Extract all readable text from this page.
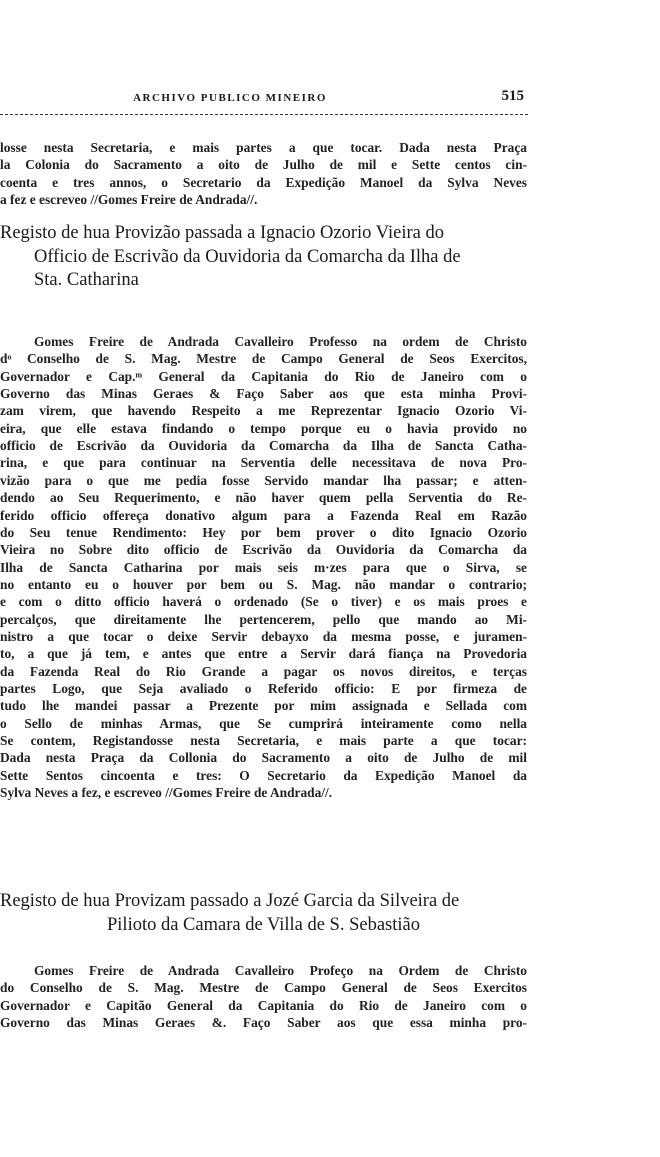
ARCHIVO PUBLICO MINEIRO	515
losse nesta Secretaria, e mais partes a que tocar. Dada nesta Praça
la Colonia do Sacramento a oito de Julho de mil e Sette centos cin-
coenta e tres annos, o Secretario da Expedição Manoel da Sylva Neves
a fez e escreveo //Gomes Freire de Andrada//.
Registo de hua Provizão passada a Ignacio Ozorio Vieira do
Officio de Escrivão da Ouvidoria da Comarcha da Ilha de
Sta. Catharina
Gomes Freire de Andrada Cavalleiro Professo na ordem de Christo
d⁠ᵒ Conselho de S. Mag. Mestre de Campo General de Seos Exercitos,
Governador e Cap.ᵐ General da Capitania do Rio de Janeiro com o
Governo das Minas Geraes & Faço Saber aos que esta minha Provi-
zam virem, que havendo Respeito a me Reprezentar Ignacio Ozorio Vi-
eira, que elle estava findando o tempo porque eu o havia provido no
officio de Escrivão da Ouvidoria da Comarcha da Ilha de Sancta Catha-
rina, e que para continuar na Serventia delle necessitava de nova Pro-
vizão para o que me pedia fosse Servido mandar lha passar; e atten-
dendo ao Seu Requerimento, e não haver quem pella Serventia do Re-
ferido officio offereça donativo algum para a Fazenda Real em Razão
do Seu tenue Rendimento: Hey por bem prover o dito Ignacio Ozorio
Vieira no Sobre dito officio de Escrivão da Ouvidoria da Comarcha da
Ilha de Sancta Catharina por mais seis m·zes para que o Sirva, se
no entanto eu o houver por bem ou S. Mag. não mandar o contrario;
e com o ditto officio haverá o ordenado (Se o tiver) e os mais proes e
percalços, que direitamente lhe pertencerem, pello que mando ao Mi-
nistro a que tocar o deixe Servir debayxo da mesma posse, e juramen-
to, a que já tem, e antes que entre a Servir dará fiança na Provedoria
da Fazenda Real do Rio Grande a pagar os novos direitos, e terças
partes Logo, que Seja avaliado o Referido officio: E por firmeza de
tudo lhe mandei passar a Prezente por mim assignada e Sellada com
o Sello de minhas Armas, que Se cumprirá inteiramente como nella
Se contem, Registandosse nesta Secretaria, e mais parte a que tocar:
Dada nesta Praça da Collonia do Sacramento a oito de Julho de mil
Sette Sentos cincoenta e tres: O Secretario da Expedição Manoel da
Sylva Neves a fez, e escreveo //Gomes Freire de Andrada//.
Registo de hua Provizam passado a Jozé Garcia da Silveira de
Pilioto da Camara de Villa de S. Sebastião
Gomes Freire de Andrada Cavalleiro Profeço na Ordem de Christo
do Conselho de S. Mag. Mestre de Campo General de Seos Exercitos
Governador e Capitão General da Capitania do Rio de Janeiro com o
Governo das Minas Geraes &. Faço Saber aos que essa minha pro-
